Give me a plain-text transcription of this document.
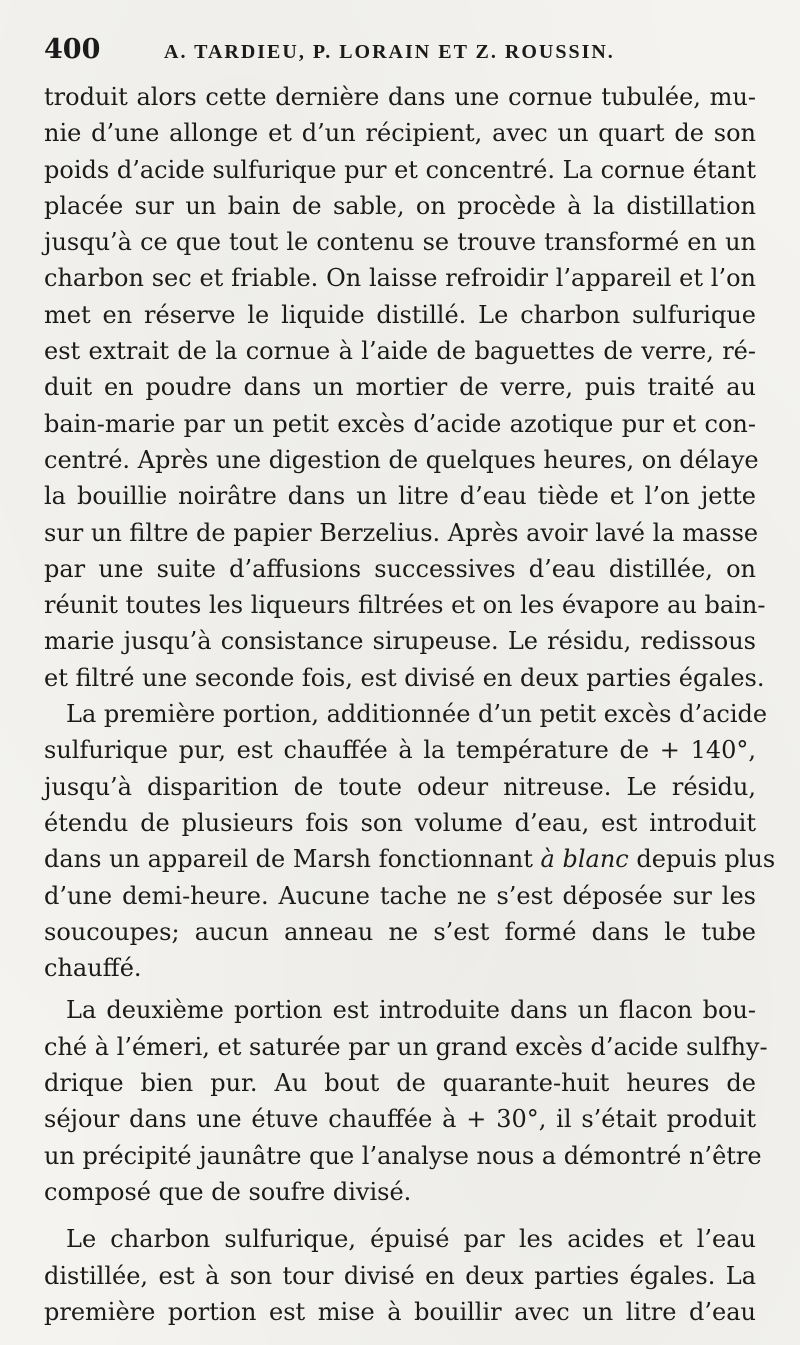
400	A. TARDIEU, P. LORAIN ET Z. ROUSSIN.
troduit alors cette dernière dans une cornue tubulée, mu-
nie d’une allonge et d’un récipient, avec un quart de son
poids d’acide sulfurique pur et concentré. La cornue étant
placée sur un bain de sable, on procède à la distillation
jusqu’à ce que tout le contenu se trouve transformé en un
charbon sec et friable. On laisse refroidir l’appareil et l’on
met en réserve le liquide distillé. Le charbon sulfurique
est extrait de la cornue à l’aide de baguettes de verre, ré-
duit en poudre dans un mortier de verre, puis traité au
bain-marie par un petit excès d’acide azotique pur et con-
centré. Après une digestion de quelques heures, on délaye
la bouillie noirâtre dans un litre d’eau tiède et l’on jette
sur un filtre de papier Berzelius. Après avoir lavé la masse
par une suite d’affusions successives d’eau distillée, on
réunit toutes les liqueurs filtrées et on les évapore au bain-
marie jusqu’à consistance sirupeuse. Le résidu, redissous
et filtré une seconde fois, est divisé en deux parties égales.
La première portion, additionnée d’un petit excès d’acide
sulfurique pur, est chauffée à la température de + 140°,
jusqu’à disparition de toute odeur nitreuse. Le résidu,
étendu de plusieurs fois son volume d’eau, est introduit
dans un appareil de Marsh fonctionnant à blanc depuis plus
d’une demi-heure. Aucune tache ne s’est déposée sur les
soucoupes; aucun anneau ne s’est formé dans le tube
chauffé.
La deuxième portion est introduite dans un flacon bou-
ché à l’émeri, et saturée par un grand excès d’acide sulfhy-
drique bien pur. Au bout de quarante-huit heures de
séjour dans une étuve chauffée à + 30°, il s’était produit
un précipité jaunâtre que l’analyse nous a démontré n’être
composé que de soufre divisé.
Le charbon sulfurique, épuisé par les acides et l’eau
distillée, est à son tour divisé en deux parties égales. La
première portion est mise à bouillir avec un litre d’eau
